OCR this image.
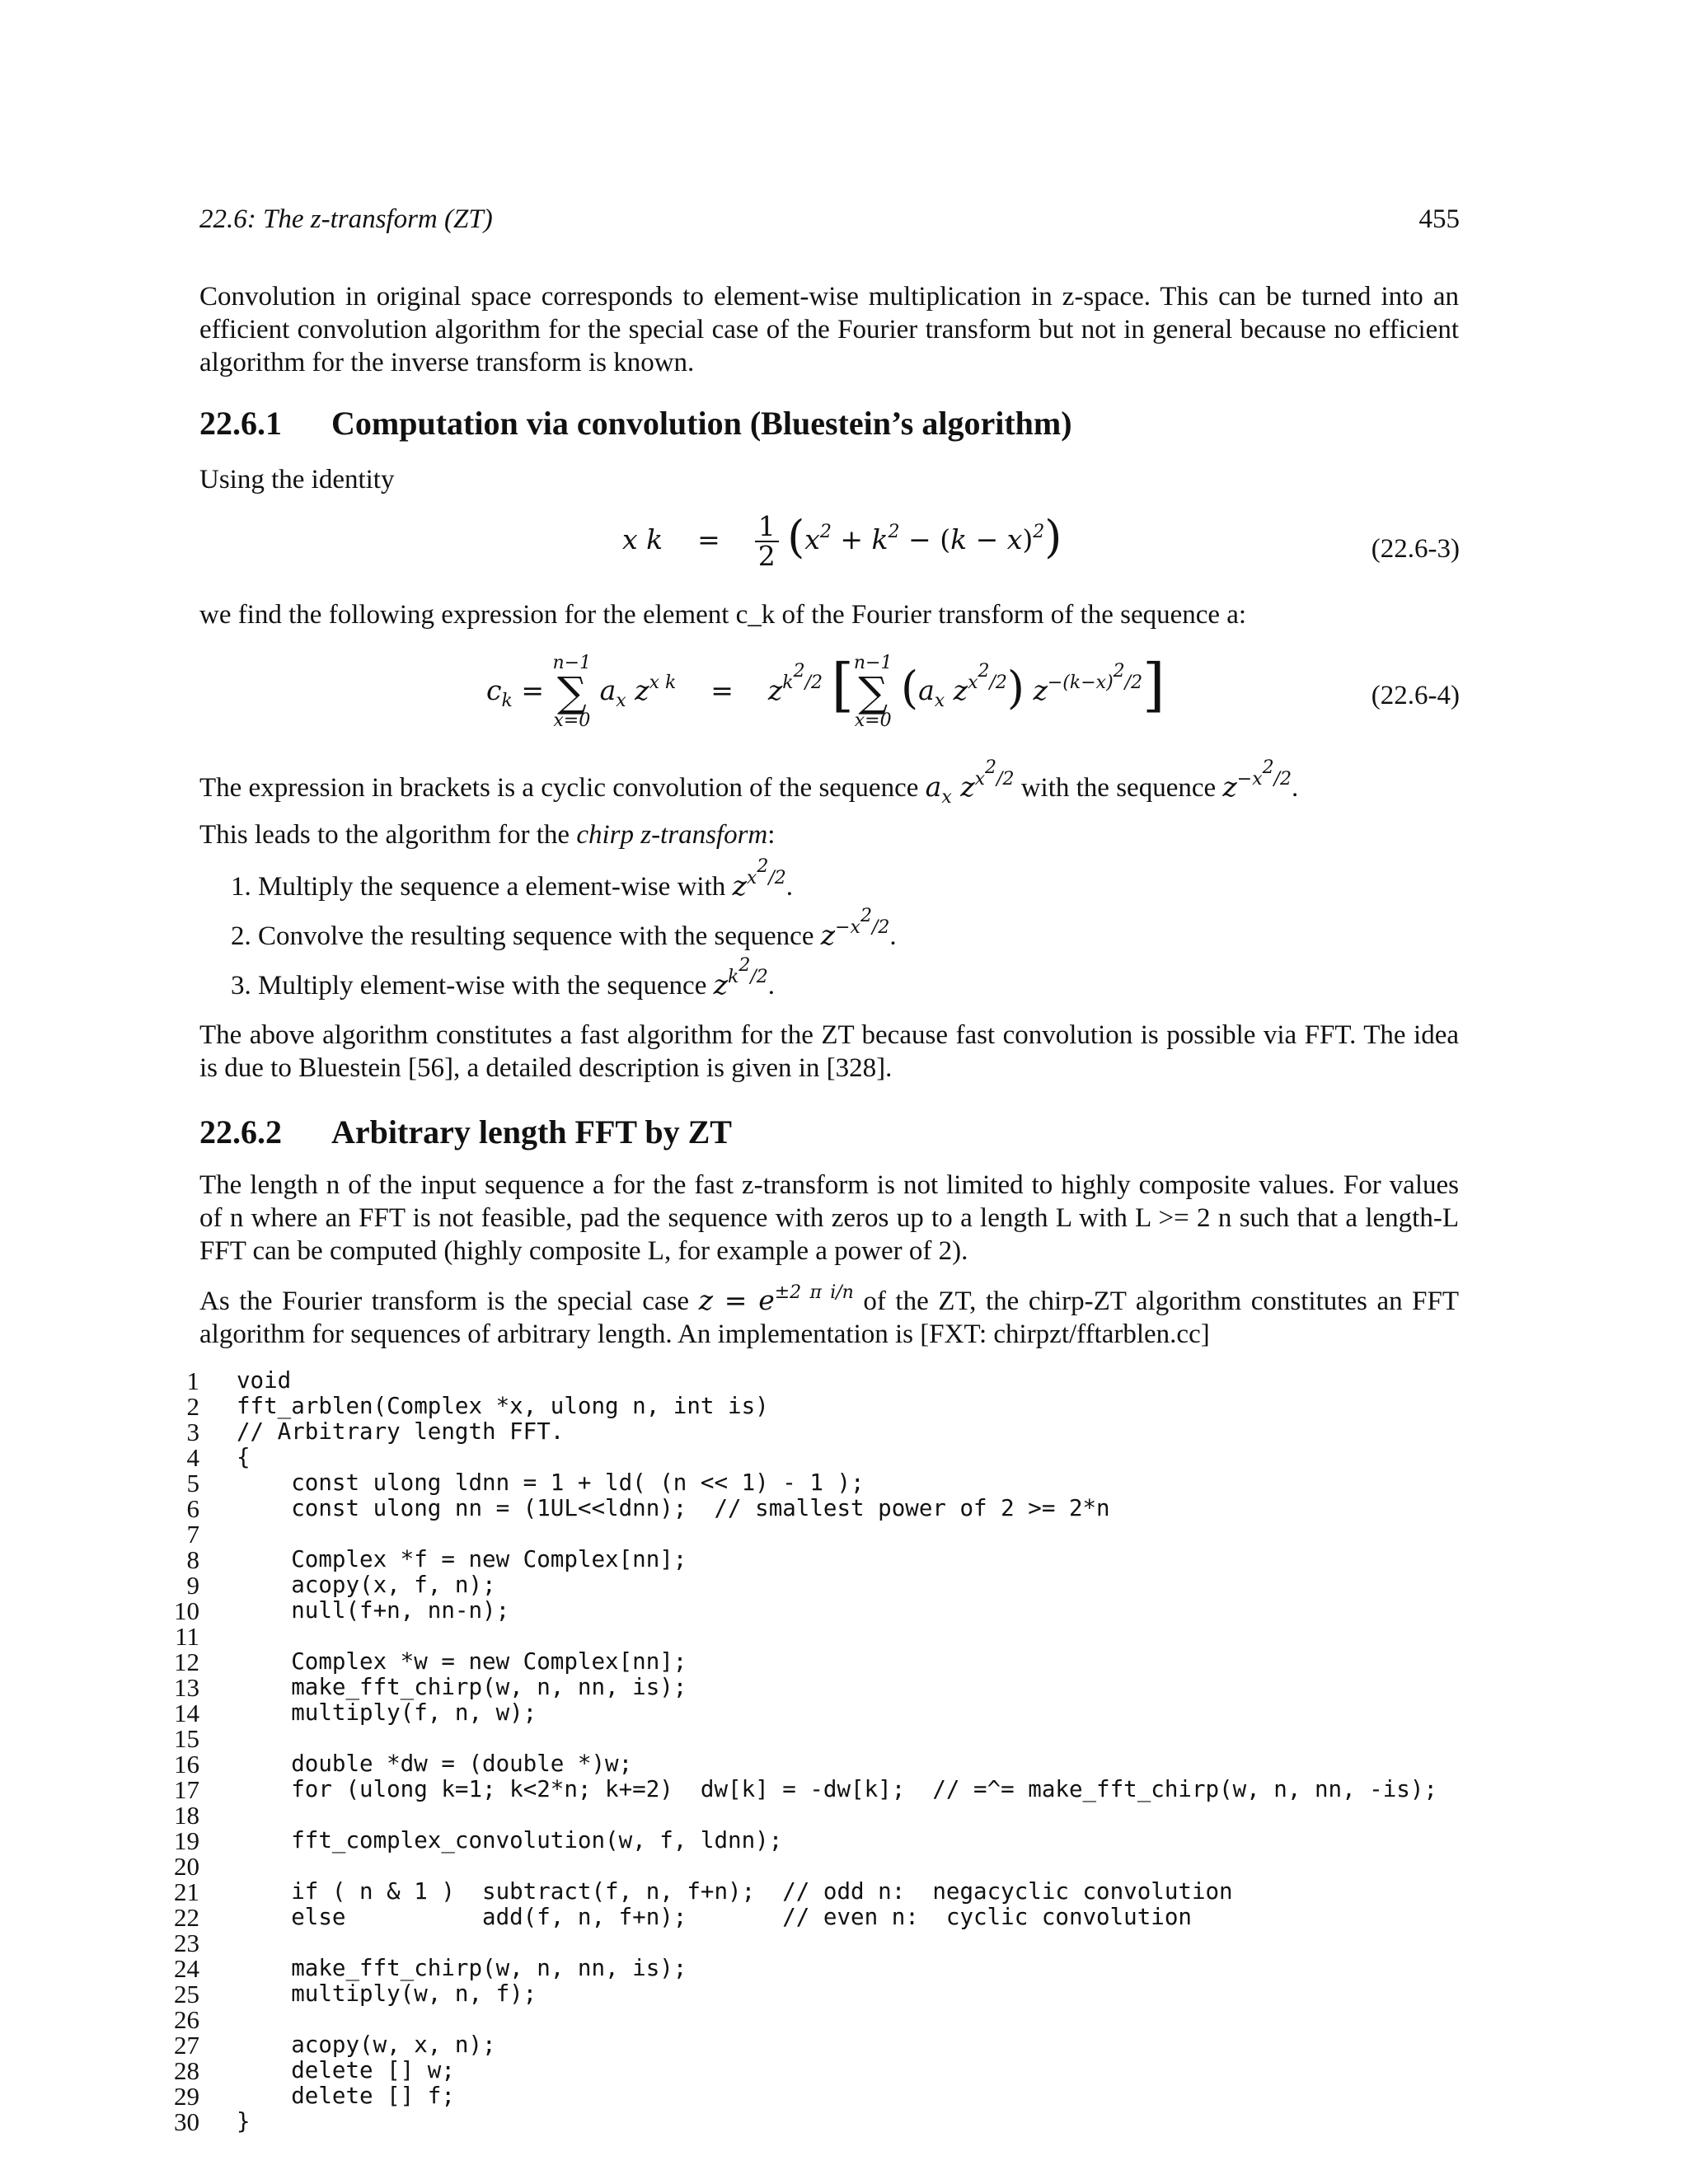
22.6: The z-transform (ZT)	455
Convolution in original space corresponds to element-wise multiplication in z-space. This can be turned into an efficient convolution algorithm for the special case of the Fourier transform but not in general because no efficient algorithm for the inverse transform is known.
22.6.1 Computation via convolution (Bluestein’s algorithm)
Using the identity
x k    = $\frac{1}{2} (x^2 + k^2 - (k - x)^2)$	(22.6-3)
we find the following expression for the element c_k of the Fourier transform of the sequence a:
$c_k$ =
n−1
∑
x=0
$a_x$ $z^{x k}$ =    $z^{k^2/2}$ [ n−1
∑
x=0
($a_x$ $z^{x^2/2}$) $z^{-(k-x)^2/2}$]	(22.6-4)
The expression in brackets is a cyclic convolution of the sequence $a_x$ $z^{x^2/2}$ with the sequence $z^{-x^2/2}$.
This leads to the algorithm for the chirp z-transform:
1. Multiply the sequence a element-wise with $z^{x^2/2}$.
2. Convolve the resulting sequence with the sequence $z^{-x^2/2}$.
3. Multiply element-wise with the sequence $z^{k^2/2}$.
The above algorithm constitutes a fast algorithm for the ZT because fast convolution is possible via FFT. The idea is due to Bluestein [56], a detailed description is given in [328].
22.6.2 Arbitrary length FFT by ZT
The length n of the input sequence a for the fast z-transform is not limited to highly composite values. For values of n where an FFT is not feasible, pad the sequence with zeros up to a length L with L >= 2 n such that a length-L FFT can be computed (highly composite L, for example a power of 2).
As the Fourier transform is the special case $z = e^{\pm 2 \pi i/n}$ of the ZT, the chirp-ZT algorithm constitutes an FFT algorithm for sequences of arbitrary length. An implementation is [FXT: chirpzt/fftarblen.cc]
1	void
2	fft_arblen(Complex *x, ulong n, int is)
3	// Arbitrary length FFT.
4	{
5	const ulong ldnn = 1 + ld( (n << 1) - 1 );
6	const ulong nn = (1UL<<ldnn);  // smallest power of 2 >= 2*n
7
8	Complex *f = new Complex[nn];
9	acopy(x, f, n);
10	null(f+n, nn-n);
11
12	Complex *w = new Complex[nn];
13	make_fft_chirp(w, n, nn, is);
14	multiply(f, n, w);
15
16	double *dw = (double *)w;
17	for (ulong k=1; k<2*n; k+=2)  dw[k] = -dw[k];  // =^= make_fft_chirp(w, n, nn, -is);
18
19	fft_complex_convolution(w, f, ldnn);
20
21	if ( n & 1 )  subtract(f, n, f+n);  // odd n:  negacyclic convolution
22	else          add(f, n, f+n);       // even n:  cyclic convolution
23
24	make_fft_chirp(w, n, nn, is);
25	multiply(w, n, f);
26
27	acopy(w, x, n);
28	delete [] w;
29	delete [] f;
30	}
